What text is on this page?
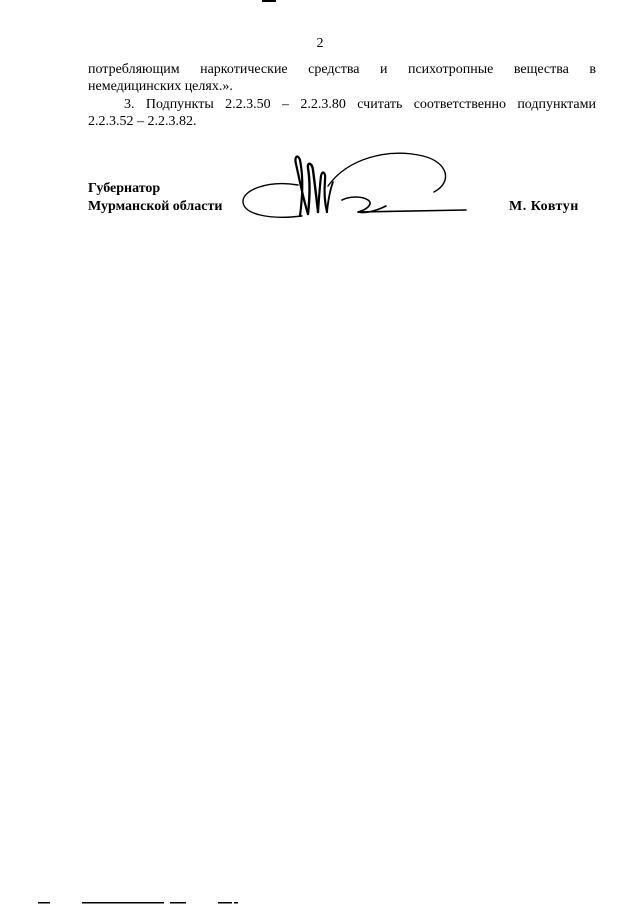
2
потребляющим наркотические средства и психотропные вещества в
немедицинских целях.».
3. Подпункты 2.2.3.50 – 2.2.3.80 считать соответственно подпунктами
2.2.3.52 – 2.2.3.82.
Губернатор
Мурманской области	М. Ковтун
